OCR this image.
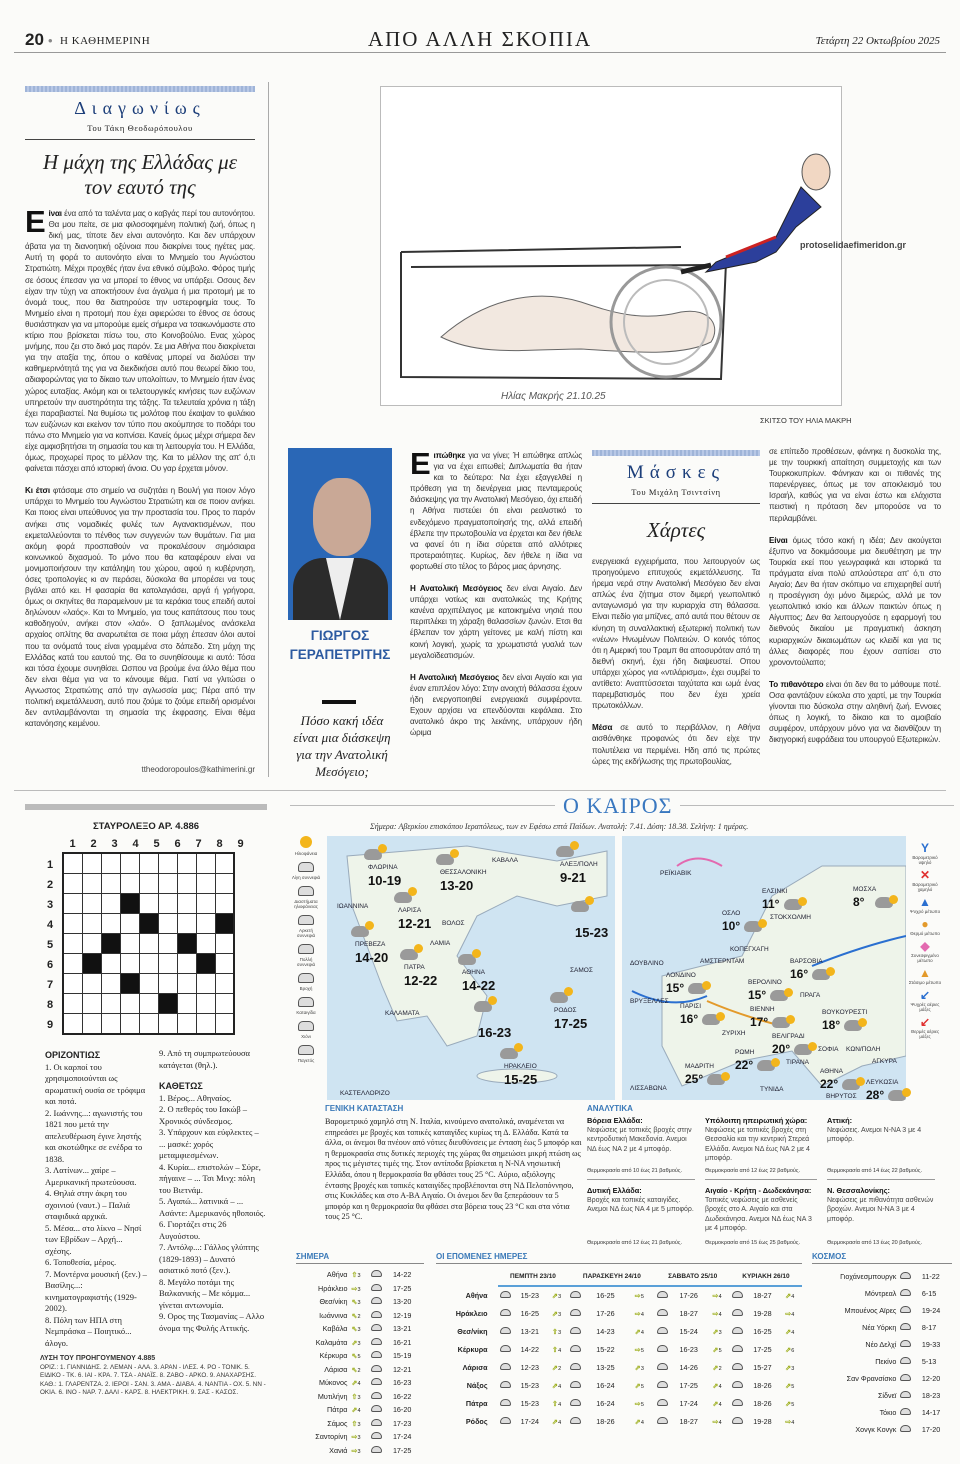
20 • Η ΚΑΘΗΜΕΡΙΝΗ	ΑΠΟ ΑΛΛΗ ΣΚΟΠΙΑ	Τετάρτη 22 Οκτωβρίου 2025
Διαγωνίως
Του Τάκη Θεοδωρόπουλου
Η μάχη της Ελλάδας με τον εαυτό της

Είναι ένα από τα ταλέντα μας ο καβγάς περί του αυτονόητου. Θα μου πείτε, σε μια φιλοσοφημένη πολιτική ζωή, όπως η δική μας, τίποτε δεν είναι αυτονόητο. Και δεν υπάρχουν άβατα για τη διανοητική οξύνοια που διακρίνει τους ηγέτες μας. Αυτή τη φορά το αυτονόητο είναι το Μνημείο του Αγνώστου Στρατιώτη. Μέχρι πρoχθές ήταν ένα εθνικό σύμβολο. Φόρος τιμής σε όσους έπεσαν για να μπορεί το έθνος να υπάρξει. Οσους δεν είχαν την τύχη να αποκτήσουν ένα άγαλμα ή μια προτομή με το όνομά τους, που θα διατηρούσε την υστεροφημία τους. Το Μνημείο είναι η προτομή που έχει αφιερώσει το έθνος σε όσους θυσιάστηκαν για να μπορούμε εμείς σήμερα να τσακωνόμαστε στο κτίριο που βρίσκεται πίσω του, στο Κοινοβούλιο. Ενας χώρος μνήμης, που ζει στο δικό μας παρόν. Σε μια Αθήνα που διακρίνεται για την αταξία της, όπου ο καθένας μπορεί να διαλύσει την καθημερινότητά της για να διεκδικήσει αυτό που θεωρεί δίκιο του, αδιαφορώντας για το δίκαιο των υπολοίπων, το Μνημείο ήταν ένας χώρος ευταξίας. Ακόμη και οι τελετουργικές κινήσεις των ευζώνων υπηρετούν την αυστηρότητα της τάξης. Τα τελευταία χρόνια η τάξη έχει παραβιαστεί. Να θυμίσω τις μολότοφ που έκαψαν το φυλάκιο των ευζώνων και εκείνον τον τύπο που ακούμπησε το ποδάρι του πάνω στο Μνημείο για να κοπνίσει. Κανείς όμως μέχρι σήμερα δεν είχε αμφισβητήσει τη σημασία του και τη λειτουργία του. Η Ελλάδα, όμως, προχωρεί προς το μέλλον της. Και το μέλλον της απ' ό,τι φαίνεται πάσχει από ιστορική άνοια. Ου γαρ έρχεται μόνον.

Κι έτσι φτάσαμε στο σημείο να συζητάει η Βουλή για ποιον λόγο υπάρχει το Μνημείο του Αγνώστου Στρατιώτη και σε ποιον ανήκει. Και ποιος είναι υπεύθυνος για την προστασία του. Προς το παρόν ανήκει στις νομαδικές φυλές των Αγανακτισμένων, που εκμεταλλεύονται το πένθος των συγγενών των θυμάτων. Για μια ακόμη φορά προσπαθούν να προκαλέσουν σημόσιαιρα κοινωνικού διχασμού. Το μόνο που θα καταφέρουν είναι να μονιμοποιήσουν την κατάληψη του χώρου, αφού η κυβέρνηση, όσες τροπολογίες κι αν περάσει, δύσκολα θα μπορέσει να τους βγάλει από κει. Η φασαρία θα κατολαγιάσει, αργά ή γρήγορα, όμως οι σκηνίτες θα παραμείνουν με τα κεράκια τους επειδή αυτοί δηλώνουν «λαός». Και το Μνημείο, για τους καπάτσους που τους καθοδηγούν, ανήκει στον «λαό». Ο ξαπλωμένος ανάσκελα αρχαίος οπλίτης θα αναρωτιέται σε ποια μάχη έπεσαν όλοι αυτοί που τα ονόματά τους είναι γραμμένα στο δάπεδο. Στη μάχη της Ελλάδας κατά του εαυτού της. Θα το συνηθίσουμε κι αυτό: Τόσα και τόσα έχουμε συνηθίσει. Ωσπου να βρούμε ένα άλλο θέμα που δεν είναι θέμα για να το κάνουμε θέμα. Γιατί να γλιτώσει ο Αγνωστος Στρατιώτης από την αγλωσσία μας; Πέρα από την πολιτική εκμετάλλευση, αυτό που ζούμε το ζούμε επειδή ορισμένοι δεν αντιλαμβάνονται τη σημασία της έκφρασης. Είναι θέμα κατανόησης κειμένου.

ttheodoropoulos@kathimerini.gr
Ηλίας Μακρής 21.10.25
protoselidaefimeridon.gr
ΣΚΙΤΣΟ ΤΟΥ ΗΛΙΑ ΜΑΚΡΗ
ΓΙΩΡΓΟΣ
ΓΕΡΑΠΕΤΡΙΤΗΣ
Πόσο κακή ιδέα είναι μια διάσκεψη για την Ανατολική Μεσόγειο;

Ειπώθηκε για να γίνει; Ή ειπώθηκε απλώς για να έχει ειπωθεί; Διπλωματία θα ήταν και το δεύτερο: Να έχει εξαγγελθεί η πρόθεση για τη διενέργεια μιας πενταμερούς διάσκεψης για την Ανατολική Μεσόγειο, όχι επειδή η Αθήνα πιστεύει ότι είναι ρεαλιστικό το ενδεχόμενο πραγματοποίησής της, αλλά επειδή έβλεπε την πρωτοβουλία να έρχεται και δεν ήθελε να φανεί ότι η ίδια σύρεται από αλλότριες προτεραιότητες. Κυρίως, δεν ήθελε η ίδια να φορτωθεί στο τέλος το βάρος μιας άρνησης.

Η Ανατολική Μεσόγειος δεν είναι Αιγαίο. Δεν υπάρχει νοτίως και ανατολικώς της Κρήτης κανένα αρχιπέλαγος με κατοικημένα νησιά που περιπλέκει τη χάραξη θαλασσίων ζωνών. Ετσι θα έβλεπαν τον χάρτη γείτονες με καλή πίστη και κοινή λογική, χωρίς τα χρωματιστά γυαλιά των μεγαλοϊδεατισμών.

Η Ανατολική Μεσόγειος δεν είναι Αιγαίο και για έναν επιπλέον λόγο: Στην ανοιχτή θάλασσα έχουν ήδη ενεργοποιηθεί ενεργειακά συμφέροντα. Εχουν αρχίσει να επενδύονται κεφάλαια. Στο ανατολικό άκρο της λεκάνης, υπάρχουν ήδη ώριμα

Μάσκες
Του Μιχάλη Τσιντσίνη
Χάρτες

ενεργειακά εγχειρήματα, που λειτουργούν ως προηγούμενο επιτυχούς εκμετάλλευσης. Τα ήρεμα νερά στην Ανατολική Μεσόγειο δεν είναι απλώς ένα ζήτημα στον διμερή γεωπολιτικό ανταγωνισμό για την κυριαρχία στη θάλασσα. Είναι πεδίο για μπίζνες, από αυτά που θέτουν σε κίνηση τη συναλλακτική εξωτερική πολιτική των «νέων» Ηνωμένων Πολιτειών. Ο κοινός τόπος ότι η Αμερική του Τραμπ θα αποσυρόταν από τη διεθνή σκηνή, έχει ήδη διαψευστεί. Οπου υπάρχει χώρος για «ντιλάρισμα», έχει συμβεί το αντίθετο: Αναπτύσσεται ταχύτατα και ωμά ένας παρεμβατισμός που δεν έχει χρεία πρωτοκόλλων.

Μέσα σε αυτό το περιβάλλον, η Αθήνα αισθάνθηκε προφανώς ότι δεν είχε την πολυτέλεια να περιμένει. Ηδη από τις πρώτες ώρες της εκδήλωσης της πρωτοβουλίας,

σε επίπεδο προθέσεων, φάνηκε η δυσκολία της, με την τουρκική απαίτηση συμμετοχής και των Τουρκοκυπρίων. Φάνηκαν και οι πιθανές της παρενέργειες, όπως με τον αποκλεισμό του Ισραήλ, καθώς για να είναι έστω και ελάχιστα πειστική η πρόταση δεν μπορούσε να το περιλαμβάνει.

Είναι όμως τόσο κακή η ιδέα; Δεν ακούγεται έξυπνο να δοκιμάσουμε μια διευθέτηση με την Τουρκία εκεί που γεωγραφικά και ιστορικά τα πράγματα είναι πολύ απλούστερα απ' ό,τι στο Αιγαίο; Δεν θα ήταν σκόπιμο να επιχειρηθεί αυτή η προσέγγιση όχι μόνο διμερώς, αλλά με τον γεωπολιτικό ισκίο και άλλων παικτών όπως η Αίγυπτος; Δεν θα λειτουργούσε η εφαρμογή του διεθνούς δικαίου με πραγματική άσκηση κυριαρχικών δικαιωμάτων ως κλειδί και για τις άλλες διαφορές που έχουν σαπίσει στο χρονοντούλαπο;

Το πιθανότερο είναι ότι δεν θα το μάθουμε ποτέ. Οσα φαντάζουν εύκολα στο χαρτί, με την Τουρκία γίνονται πιο δύσκολα στην αληθινή ζωή. Εννοιες όπως η λογική, το δίκαιο και το αμοιβαίο συμφέρον, υπάρχουν μόνο για να διανθίζουν τη δικηγορική ευφράδεια του υπουργού Εξωτερικών.

ΣΤΑΥΡΟΛΕΞΟ ΑΡ. 4.886
1	2	3	4	5	6	7	8	9
1
2
3
4
5
6
7
8
9

ΟΡΙΖΟΝΤΙΩΣ
1. Οι καρποί του χρησιμοποιούνται ως αρωματική ουσία σε τρόφιμα και ποτά.
2. Ιωάννης...: αγωνιστής του 1821 που μετά την απελευθέρωση έγινε ληστής και σκοτώθηκε σε ενέδρα το 1838.
3. Λατίνων... χαίρε – Αμερικανική πρωτεύουσα.
4. Θηλιά στην άκρη του σχοινιού (ναυτ.) – Παλιά σταφιδικά αρχικά.
5. Μέσα... στο λίκνο – Νησί των Εβρίδων – Αρχή... σχέσης.
6. Τοποθεσία, μέρος.
7. Μοντέρνα μουσική (ξεν.) – Βασίλης...: κινηματογραφιστής (1929-2002).
8. Πόλη των ΗΠΑ στη Νεμπράσκα – Ποιητικό... άλογο.
9. Από τη συμπρωτεύουσα κατάγεται (θηλ.).
ΚΑΘΕΤΩΣ
1. Βέρος... Αθηναίος.
2. Ο πεθερός του Ιακώβ – Χρονικός σύνδεσμος.
3. Υπάρχουν και εύφλεκτες – ... μασκέ: χορός μεταμφιεσμένων.
4. Κυρία... επιστολών – Σύρε, πήγαινε – ... Τσι Μινχ: πόλη του Βιετνάμ.
5. Αγαπώ... λατινικά – ... Ασάντε: Αμερικανός ηθοποιός.
6. Γιορτάζει στις 26 Αυγούστου.
7. Αντόλφ...: Γάλλος γλύπτης (1829-1893) – Δυνατό ασιατικό ποτό (ξεν.).
8. Μεγάλο ποτάμι της Βαλκανικής – Με κόμμα... γίνεται αντωνυμία.
9. Ορος της Τασμανίας – Αλλο όνομα της Φυλής Αττικής.
ΛΥΣΗ ΤΟΥ ΠΡΟΗΓΟΥΜΕΝΟΥ 4.885
ΟΡΙΖ.: 1. ΓΙΑΝΝΙΔΗΣ. 2. ΛΕΜΑΝ - ΑΛΑ. 3. ΑΡΑΝ - ΙΛΕΣ. 4. ΡΟ - ΤΟΝΙΚ. 5. ΕΙΔΙΚΟ - ΤΚ. 6. ΙΑΙ - ΚΡΑ. 7. ΤΣΑ - ΑΝΑΪΣ. 8. ΖΑΒΟ - ΑΡΚΟ. 9. ΑΝΑΧΑΡΣΗΣ.
ΚΑΘ.: 1. ΓΛΑΡΕΝΤΖΑ. 2. ΙΕΡΟΙ - ΣΑΝ. 3. ΑΜΑ - ΔΙΑΒΑ. 4. ΝΑΝΤΙΑ - ΟΧ. 5. ΝΝ - ΟΚΙΑ. 6. ΙΝΟ - ΝΑΡ. 7. ΔΑΛΙ - ΚΑΡΣ. 8. ΗΛΕΚΤΡΙΚΗ. 9. ΣΑΣ - ΚΑΣΟΣ.
Ο ΚΑΙΡΟΣ
Σήμερα: Αβερκίου επισκόπου Ιεραπόλεως, των εν Εφέσω επτά Παίδων. Ανατολή: 7.41. Δύση: 18.38. Σελήνη: 1 ημέρας.
Ηλιοφάνεια
Λίγη συννεφιά
Διαστήματα ηλιοφάνειας
Αρκετή συννεφιά
Πολλή συννεφιά
Βροχή
Καταιγίδα
Χιόνι
Παγετός
Y
Βαρομετρικό υψηλό
✕
Βαρομετρικό χαμηλό
▲
Ψυχρό μέτωπο
●
Θερμό μέτωπο
◆
Συνεσφιγμένο μέτωπο
▲
Στάσιμο μέτωπο
↙
Ψυχρές αέριες μάζες
↙
Θερμές αέριες μάζες
ΦΛΩΡΙΝΑ
10-19
ΘΕΣΣΑΛΟΝΙΚΗ
13-20
ΑΛΕΞ/ΠΟΛΗ
9-21
ΛΑΡΙΣΑ
12-21
ΠΡΕΒΕΖΑ
14-20
ΠΑΤΡΑ
12-22
ΑΘΗΝΑ
14-22
15-23
16-23
ΡΟΔΟΣ
17-25
ΗΡΑΚΛΕΙΟ
15-25
ΕΛΣΙΝΚΙ
11°
ΟΣΛΟ
10°
ΜΟΣΧΑ
8°
ΒΑΡΣΟΒΙΑ
16°
ΛΟΝΔΙΝΟ
15°	ΒΕΡΟΛΙΝΟ
15°
ΠΑΡΙΣΙ
16°
ΒΙΕΝΝΗ
17°
ΒΟΥΚΟΥΡΕΣΤΙ
18°
ΒΕΛΙΓΡΑΔΙ
20°
ΡΩΜΗ
22°
ΜΑΔΡΙΤΗ
25°
ΑΘΗΝΑ
22°	ΛΕΥΚΩΣΙΑ
28°
ΚΑΒΑΛΑ
ΙΩΑΝΝΙΝΑ
ΒΟΛΟΣ
ΛΑΜΙΑ
ΣΑΜΟΣ
ΚΑΛΑΜΑΤΑ
ΚΑΣΤΕΛΛΟΡΙΖΟ
ΡΕΪΚΙΑΒΙΚ
ΣΤΟΚΧΟΛΜΗ
ΚΟΠΕΓΧΑΓΗ
ΔΟΥΒΛΙΝΟ	ΑΜΣΤΕΡΝΤΑΜ
ΒΡΥΞΕΛΛΕΣ
ΠΡΑΓΑ
ΖΥΡΙΧΗ
ΣΟΦΙΑ
ΤΙΡΑΝΑ
ΚΩΝ/ΠΟΛΗ
ΑΓΚΥΡΑ
ΛΙΣΣΑΒΩΝΑ	ΤΥΝΙΔΑ
ΒΗΡΥΤΟΣ
ΓΕΝΙΚΗ ΚΑΤΑΣΤΑΣΗ
Βαρομετρικό χαμηλό στη Ν. Ιταλία, κινούμενο ανατολικά, αναμένεται να επηρεάσει με βροχές και τοπικές καταιγίδες κυρίως τη Δ. Ελλάδα. Κατά τα άλλα, οι άνεμοι θα πνέουν από νότιες διευθύνσεις με ένταση έως 5 μποφόρ και η θερμοκρασία στις δυτικές περιοχές της χώρας θα σημειώσει μικρή πτώση ως προς τις μέγιστες τιμές της. Στον αντίποδα βρίσκεται η Ν-ΝΑ νησιωτική Ελλάδα, όπου η θερμοκρασία θα φθάσει τους 25 °C. Αύριο, αξιόλογης έντασης βροχές και τοπικές καταιγίδες προβλέπονται στη ΝΔ Πελοπόννησο, στις Κυκλάδες και στο Α-ΒΑ Αιγαίο. Οι άνεμοι δεν θα ξεπεράσουν τα 5 μποφόρ και η θερμοκρασία θα φθάσει στα βόρεια τους 23 °C και στα νότια τους 25 °C.
ΑΝΑΛΥΤΙΚΑ
Βόρεια Ελλάδα:
Νεφώσεις με τοπικές βροχές στην κεντροδυτική Μακεδονία. Ανεμοι ΝΔ έως ΝΑ 2 με 4 μποφόρ.
Θερμοκρασία από 10 έως 21 βαθμούς.
Υπόλοιπη ηπειρωτική χώρα:
Νεφώσεις με τοπικές βροχές στη Θεσσαλία και την κεντρική Στερεά Ελλάδα. Ανεμοι ΝΔ έως ΝΑ 2 με 4 μποφόρ.
Θερμοκρασία από 12 έως 22 βαθμούς.
Αττική:
Νεφώσεις. Ανεμοι Ν-ΝΑ 3 με 4 μποφόρ.
Θερμοκρασία από 14 έως 22 βαθμούς.
Δυτική Ελλάδα:
Βροχές και τοπικές καταιγίδες. Ανεμοι ΝΔ έως ΝΑ 4 με 5 μποφόρ.
Θερμοκρασία από 12 έως 21 βαθμούς.
Αιγαίο - Κρήτη - Δωδεκάνησα:
Τοπικές νεφώσεις με ασθενείς βροχές στο Α. Αιγαίο και στα Δωδεκάνησα. Ανεμοι ΝΔ έως ΝΑ 3 με 4 μποφόρ.
Θερμοκρασία από 15 έως 25 βαθμούς.
Ν. Θεσσαλονίκης:
Νεφώσεις με πιθανότητα ασθενών βροχών. Ανεμοι Ν-ΝΑ 3 με 4 μποφόρ.
Θερμοκρασία από 13 έως 20 βαθμούς.
ΣΗΜΕΡΑ
Αθήνα	⇧3		14-22
Ηράκλειο	⇨3		17-25
Θεσ/νίκη	⇖3		13-20
Ιωάννινα	⇖2		12-19
Καβάλα	⇖3		13-21
Καλαμάτα	⇗3		16-21
Κέρκυρα	⇖5		15-19
Λάρισα	⇖2		12-21
Μύκονος	⇗4		16-23
Μυτιλήνη	⇧3		16-22
Πάτρα	⇗4		16-20
Σάμος	⇧3		17-23
Σαντορίνη	⇨3		17-24
Χανιά	⇨3		17-25
ΟΙ ΕΠΟΜΕΝΕΣ ΗΜΕΡΕΣ
	ΠΕΜΠΤΗ 23/10			ΠΑΡΑΣΚΕΥΗ 24/10			ΣΑΒΒΑΤΟ 25/10			ΚΥΡΙΑΚΗ 26/10		
Αθήνα		15-23	⇗3		16-25	⇨5		17-26	⇨4		18-27	⇗4
Ηράκλειο		16-25	⇗3		17-26	⇨4		18-27	⇨4		19-28	⇨4
Θεσ/νίκη		13-21	⇧3		14-23	⇗4		15-24	⇗3		16-25	⇗4
Κέρκυρα		14-22	⇧4		15-22	⇨5		16-23	⇗5		17-25	⇗6
Λάρισα		12-23	⇗2		13-25	⇗3		14-26	⇗2		15-27	⇗3
Νάξος		15-23	⇗4		16-24	⇗5		17-25	⇗4		18-26	⇗5
Πάτρα		15-23	⇧4		16-24	⇨5		17-24	⇗4		18-26	⇗5
Ρόδος		17-24	⇗4		18-26	⇗4		18-27	⇨4		19-28	⇨4
ΚΟΣΜΟΣ
Γιοχάνεσμπουργκ		11-22
Μόντρεαλ		6-15
Μπουένος Αϊρες		19-24
Νέα Υόρκη		8-17
Νέο Δελχί		19-33
Πεκίνο		5-13
Σαν Φρανσίσκο		12-20
Σίδνεϊ		18-23
Τόκιο		14-17
Χονγκ Κονγκ		17-20
